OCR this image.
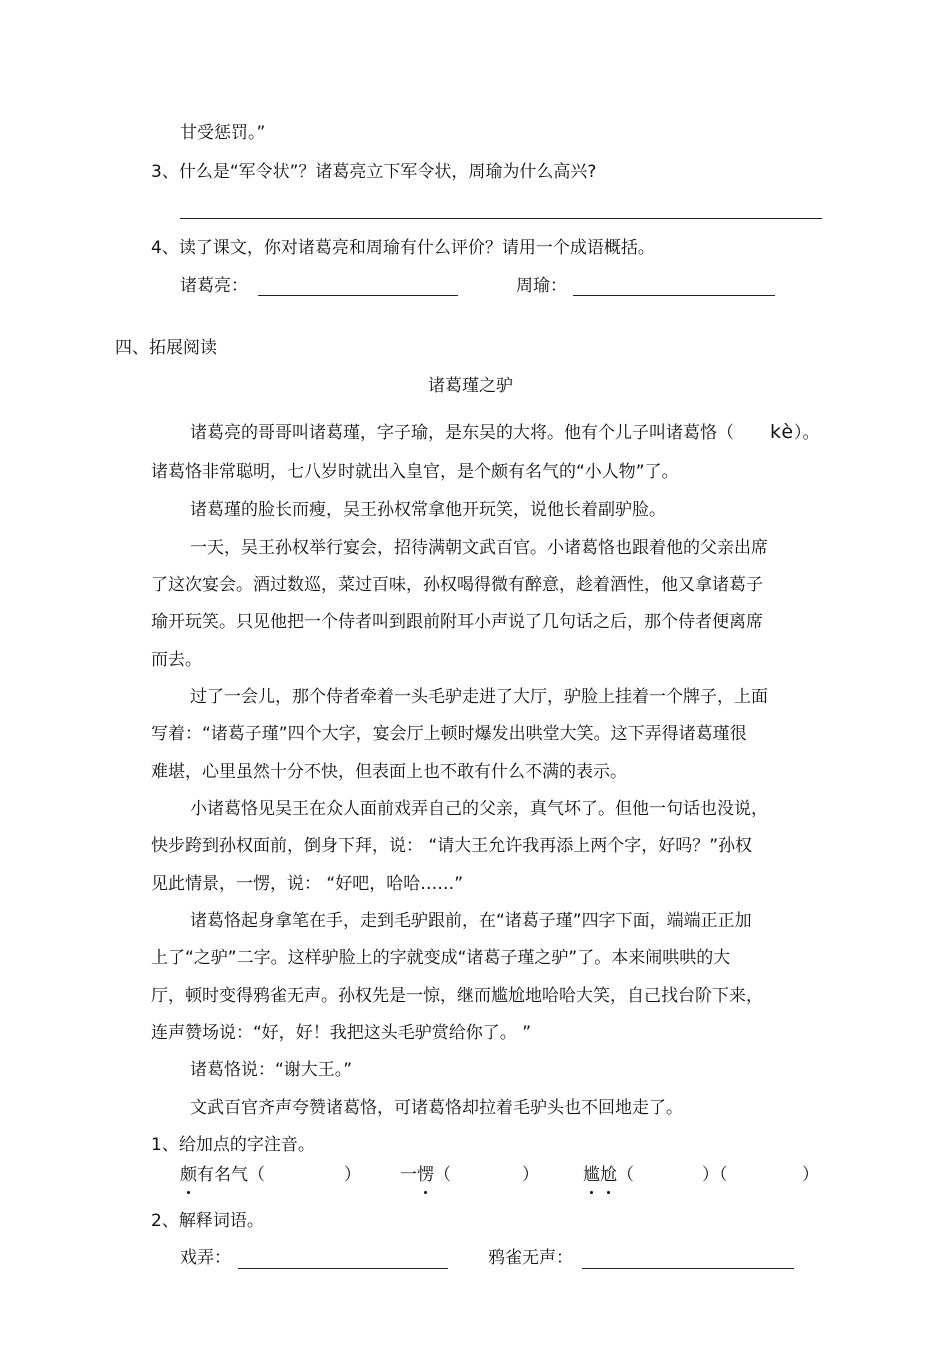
甘受惩罚。”
3、什么是“军令状”？诸葛亮立下军令状，周瑜为什么高兴?
4、读了课文，你对诸葛亮和周瑜有什么评价？请用一个成语概括。
诸葛亮：	周瑜：
四、拓展阅读
诸葛瑾之驴
诸葛亮的哥哥叫诸葛瑾，字子瑜，是东吴的大将。他有个儿子叫诸葛恪（ kè）。
诸葛恪非常聪明，七八岁时就出入皇官，是个颇有名气的“小人物”了。
诸葛瑾的脸长而瘦，吴王孙权常拿他开玩笑，说他长着副驴脸。
一天，吴王孙权举行宴会，招待满朝文武百官。小诸葛恪也跟着他的父亲出席
了这次宴会。酒过数巡，菜过百味，孙权喝得微有醉意，趁着酒性，他又拿诸葛子
瑜开玩笑。只见他把一个侍者叫到跟前附耳小声说了几句话之后，那个侍者便离席
而去。
过了一会儿，那个侍者牵着一头毛驴走进了大厅，驴脸上挂着一个牌子，上面
写着：“诸葛子瑾”四个大字，宴会厅上顿时爆发出哄堂大笑。这下弄得诸葛瑾很
难堪，心里虽然十分不快，但表面上也不敢有什么不满的表示。
小诸葛恪见吴王在众人面前戏弄自己的父亲，真气坏了。但他一句话也没说，
快步跨到孙权面前，倒身下拜，说： “请大王允许我再添上两个字，好吗？”孙权
见此情景，一愣，说： “好吧，哈哈……”
诸葛恪起身拿笔在手，走到毛驴跟前，在“诸葛子瑾”四字下面，端端正正加
上了“之驴”二字。这样驴脸上的字就变成“诸葛子瑾之驴”了。本来闹哄哄的大
厅，顿时变得鸦雀无声。孙权先是一惊，继而尴尬地哈哈大笑，自己找台阶下来，
连声赞场说：“好，好！我把这头毛驴赏给你了。 ”
诸葛恪说：“谢大王。”
文武百官齐声夸赞诸葛恪，可诸葛恪却拉着毛驴头也不回地走了。
1、给加点的字注音。
颇有名气（	） 一愣（	）	尴尬（	）（	）
2、解释词语。
戏弄：	鸦雀无声：
